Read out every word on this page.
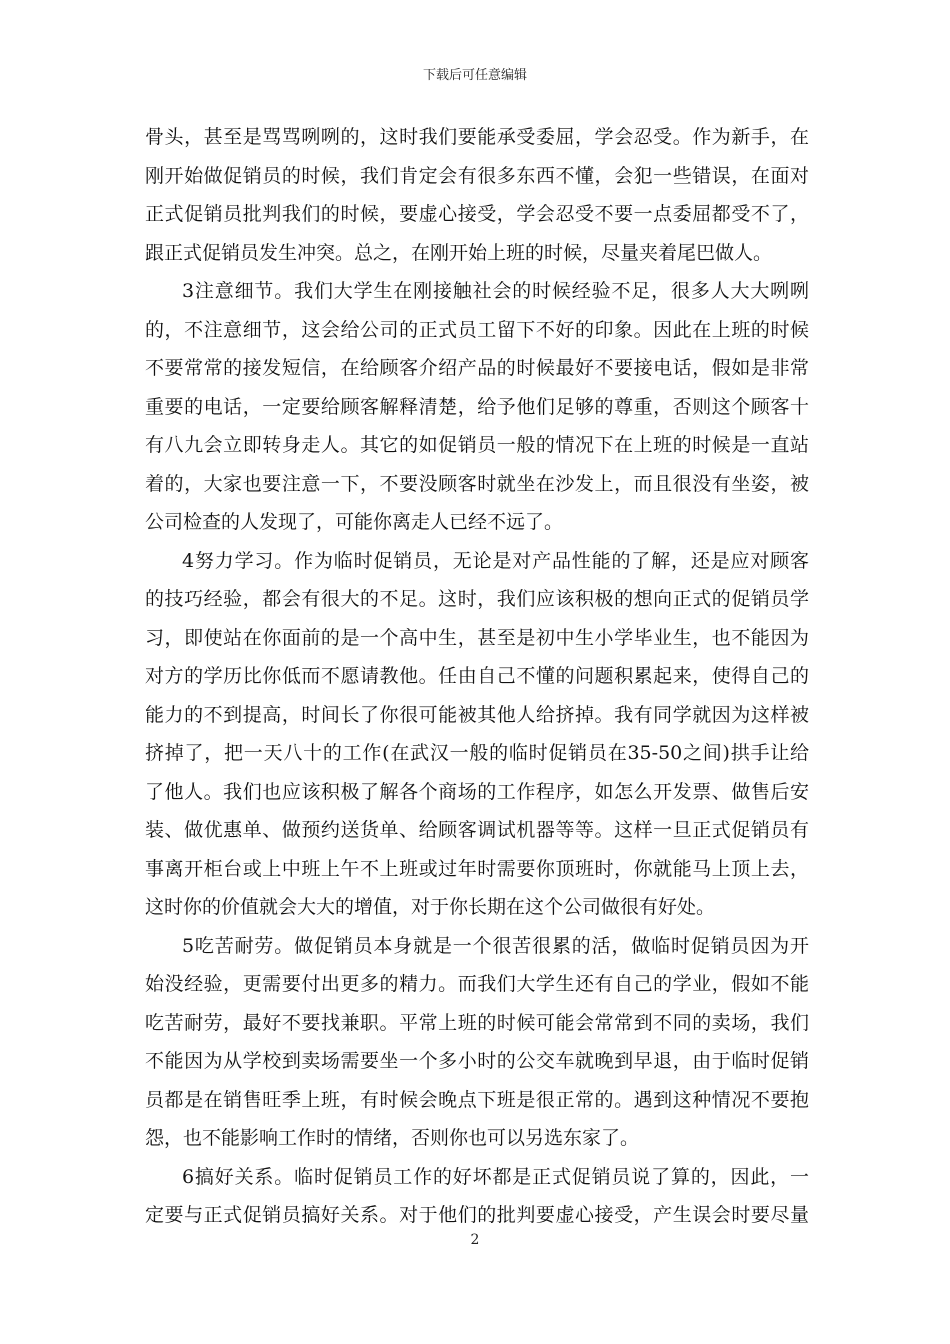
下载后可任意编辑
骨头，甚至是骂骂咧咧的，这时我们要能承受委屈，学会忍受。作为新手，在
刚开始做促销员的时候，我们肯定会有很多东西不懂，会犯一些错误，在面对
正式促销员批判我们的时候，要虚心接受，学会忍受不要一点委屈都受不了，
跟正式促销员发生冲突。总之，在刚开始上班的时候，尽量夹着尾巴做人。
3注意细节。我们大学生在刚接触社会的时候经验不足，很多人大大咧咧
的，不注意细节，这会给公司的正式员工留下不好的印象。因此在上班的时候
不要常常的接发短信，在给顾客介绍产品的时候最好不要接电话，假如是非常
重要的电话，一定要给顾客解释清楚，给予他们足够的尊重，否则这个顾客十
有八九会立即转身走人。其它的如促销员一般的情况下在上班的时候是一直站
着的，大家也要注意一下，不要没顾客时就坐在沙发上，而且很没有坐姿，被
公司检查的人发现了，可能你离走人已经不远了。
4努力学习。作为临时促销员，无论是对产品性能的了解，还是应对顾客
的技巧经验，都会有很大的不足。这时，我们应该积极的想向正式的促销员学
习，即使站在你面前的是一个高中生，甚至是初中生小学毕业生，也不能因为
对方的学历比你低而不愿请教他。任由自己不懂的问题积累起来，使得自己的
能力的不到提高，时间长了你很可能被其他人给挤掉。我有同学就因为这样被
挤掉了，把一天八十的工作(在武汉一般的临时促销员在35-50之间)拱手让给
了他人。我们也应该积极了解各个商场的工作程序，如怎么开发票、做售后安
装、做优惠单、做预约送货单、给顾客调试机器等等。这样一旦正式促销员有
事离开柜台或上中班上午不上班或过年时需要你顶班时，你就能马上顶上去，
这时你的价值就会大大的增值，对于你长期在这个公司做很有好处。
5吃苦耐劳。做促销员本身就是一个很苦很累的活，做临时促销员因为开
始没经验，更需要付出更多的精力。而我们大学生还有自己的学业，假如不能
吃苦耐劳，最好不要找兼职。平常上班的时候可能会常常到不同的卖场，我们
不能因为从学校到卖场需要坐一个多小时的公交车就晚到早退，由于临时促销
员都是在销售旺季上班，有时候会晚点下班是很正常的。遇到这种情况不要抱
怨，也不能影响工作时的情绪，否则你也可以另选东家了。
6搞好关系。临时促销员工作的好坏都是正式促销员说了算的，因此，一
定要与正式促销员搞好关系。对于他们的批判要虚心接受，产生误会时要尽量
2
